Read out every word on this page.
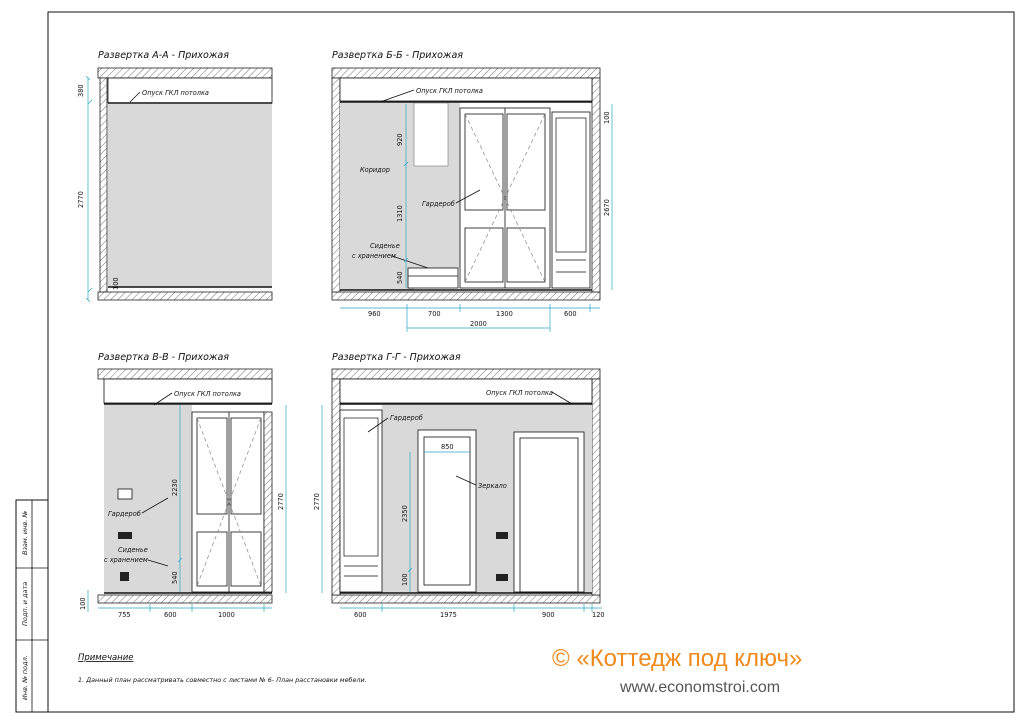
Взам. инв. №
Подп. и дата
Инв. № подл.
Развертка А-А - Прихожая
Опуск ГКЛ потолка
380
2770
100
Развертка Б-Б - Прихожая
Опуск ГКЛ потолка
Коридор
Гардероб
Сиденье
с хранением
920
1310
540
100
2670
960	700	1300	600
2000
Развертка В-В - Прихожая
Опуск ГКЛ потолка
Гардероб
Сиденье
с хранением
2230
540
2770
100
755	600	1000
Развертка Г-Г - Прихожая
Опуск ГКЛ потолка
Гардероб
Зеркало
2770
850
2350
100
600	1975	900	120
Примечание
1. Данный план рассматривать совместно с листами № 6- План расстановки мебели.
© «Коттедж под ключ»
www.economstroi.com
